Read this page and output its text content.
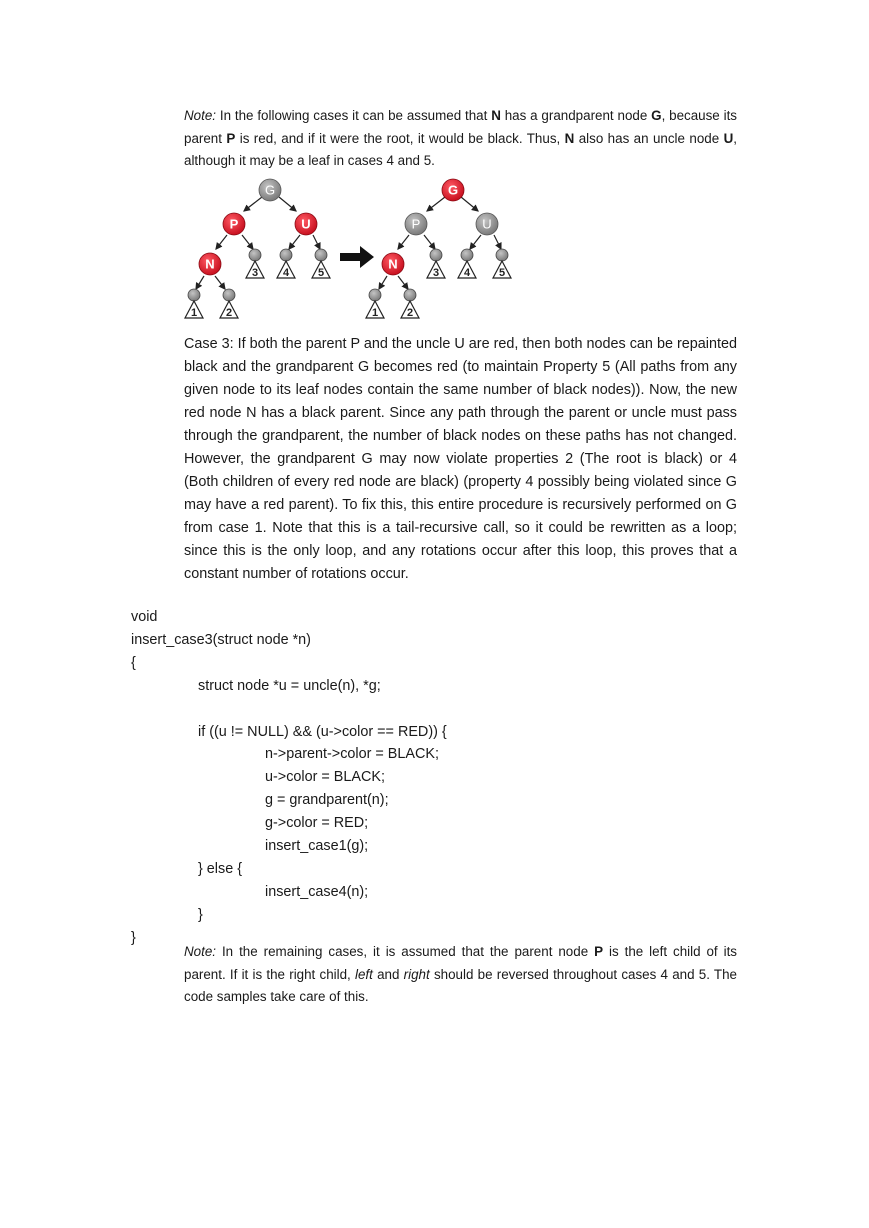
Note: In the following cases it can be assumed that N has a grandparent node G, because its parent P is red, and if it were the root, it would be black. Thus, N also has an uncle node U, although it may be a leaf in cases 4 and 5.
G
P	U
N
3 4	5
1	2
G
P	U
N
3 4	5
1	2
Case 3: If both the parent P and the uncle U are red, then both nodes can be repainted black and the grandparent G becomes red (to maintain Property 5 (All paths from any given node to its leaf nodes contain the same number of black nodes)). Now, the new red node N has a black parent. Since any path through the parent or uncle must pass through the grandparent, the number of black nodes on these paths has not changed. However, the grandparent G may now violate properties 2 (The root is black) or 4 (Both children of every red node are black) (property 4 possibly being violated since G may have a red parent). To fix this, this entire procedure is recursively performed on G from case 1. Note that this is a tail-recursive call, so it could be rewritten as a loop; since this is the only loop, and any rotations occur after this loop, this proves that a constant number of rotations occur.
void
insert_case3(struct node *n)
{
struct node *u = uncle(n), *g;
if ((u != NULL) && (u->color == RED)) {
n->parent->color = BLACK;
u->color = BLACK;
g = grandparent(n);
g->color = RED;
insert_case1(g);
} else {
insert_case4(n);
}
}
Note: In the remaining cases, it is assumed that the parent node P is the left child of its parent. If it is the right child, left and right should be reversed throughout cases 4 and 5. The code samples take care of this.
